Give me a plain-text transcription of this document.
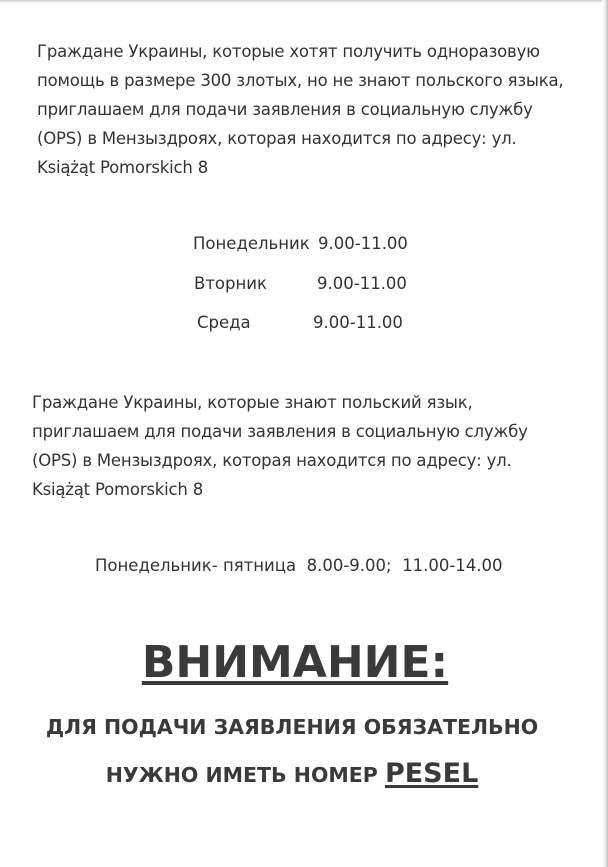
Граждане Украины, которые хотят получить одноразовую
помощь в размере 300 злотых, но не знают польского языка,
приглашаем для подачи заявления в социальную службу
(OPS) в Мензыздроях, которая находится по адресу: ул.
Książąt Pomorskich 8

Понедельник 9.00-11.00
Вторник	9.00-11.00
Среда	9.00-11.00

Граждане Украины, которые знают польский язык,
приглашаем для подачи заявления в социальную службу
(OPS) в Мензыздроях, которая находится по адресу: ул.
Książąt Pomorskich 8

Понедельник- пятница  8.00-9.00;  11.00-14.00
ВНИМАНИЕ:
ДЛЯ ПОДАЧИ ЗАЯВЛЕНИЯ ОБЯЗАТЕЛЬНО
НУЖНО ИМЕТЬ НОМЕР PESEL
